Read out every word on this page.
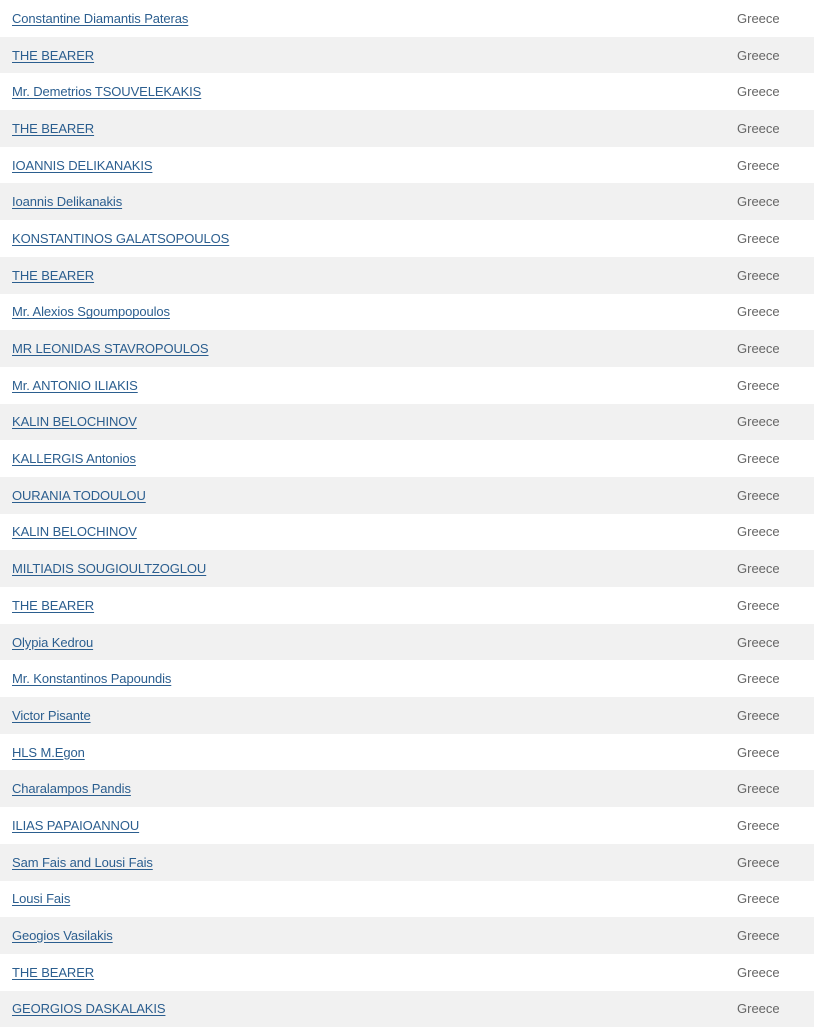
Constantine Diamantis Pateras	Greece
THE BEARER	Greece
Mr. Demetrios TSOUVELEKAKIS	Greece
THE BEARER	Greece
IOANNIS DELIKANAKIS	Greece
Ioannis Delikanakis	Greece
KONSTANTINOS GALATSOPOULOS	Greece
THE BEARER	Greece
Mr. Alexios Sgoumpopoulos	Greece
MR LEONIDAS STAVROPOULOS	Greece
Mr. ANTONIO ILIAKIS	Greece
KALIN BELOCHINOV	Greece
KALLERGIS Antonios	Greece
OURANIA TODOULOU	Greece
KALIN BELOCHINOV	Greece
MILTIADIS SOUGIOULTZOGLOU	Greece
THE BEARER	Greece
Olypia Kedrou	Greece
Mr. Konstantinos Papoundis	Greece
Victor Pisante	Greece
HLS M.Egon	Greece
Charalampos Pandis	Greece
ILIAS PAPAIOANNOU	Greece
Sam Fais and Lousi Fais	Greece
Lousi Fais	Greece
Geogios Vasilakis	Greece
THE BEARER	Greece
GEORGIOS DASKALAKIS	Greece
